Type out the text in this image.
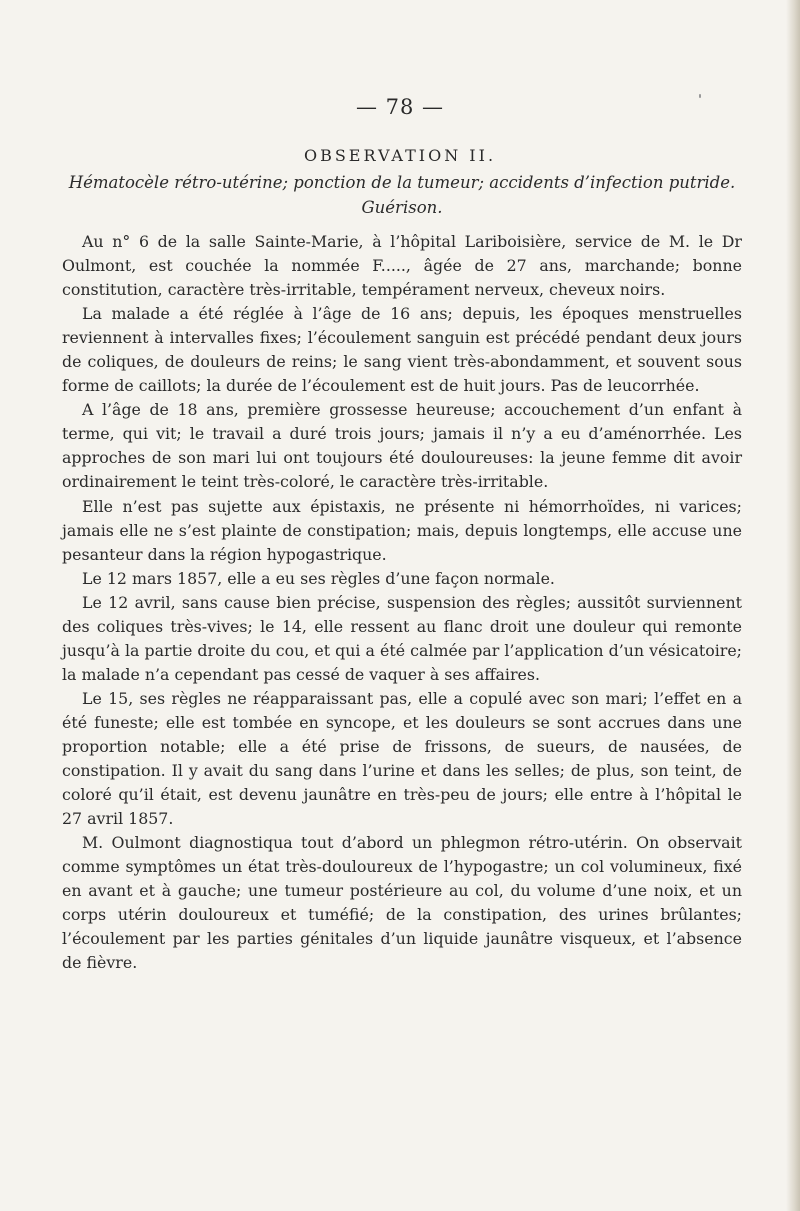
— 78 —
OBSERVATION II.
Hématocèle rétro-utérine; ponction de la tumeur; accidents d’infection putride. Guérison.

Au n° 6 de la salle Sainte-Marie, à l’hôpital Lariboisière, service de M. le Dr Oulmont, est couchée la nommée F....., âgée de 27 ans, marchande; bonne constitution, caractère très-irritable, tempérament nerveux, cheveux noirs.

La malade a été réglée à l’âge de 16 ans; depuis, les époques menstruelles reviennent à intervalles fixes; l’écoulement sanguin est précédé pendant deux jours de coliques, de douleurs de reins; le sang vient très-abondamment, et souvent sous forme de caillots; la durée de l’écoulement est de huit jours. Pas de leucorrhée.

A l’âge de 18 ans, première grossesse heureuse; accouchement d’un enfant à terme, qui vit; le travail a duré trois jours; jamais il n’y a eu d’aménorrhée. Les approches de son mari lui ont toujours été douloureuses: la jeune femme dit avoir ordinairement le teint très-coloré, le caractère très-irritable.

Elle n’est pas sujette aux épistaxis, ne présente ni hémorrhoïdes, ni varices; jamais elle ne s’est plainte de constipation; mais, depuis longtemps, elle accuse une pesanteur dans la région hypogastrique.

Le 12 mars 1857, elle a eu ses règles d’une façon normale.

Le 12 avril, sans cause bien précise, suspension des règles; aussitôt surviennent des coliques très-vives; le 14, elle ressent au flanc droit une douleur qui remonte jusqu’à la partie droite du cou, et qui a été calmée par l’application d’un vésicatoire; la malade n’a cependant pas cessé de vaquer à ses affaires.

Le 15, ses règles ne réapparaissant pas, elle a copulé avec son mari; l’effet en a été funeste; elle est tombée en syncope, et les douleurs se sont accrues dans une proportion notable; elle a été prise de frissons, de sueurs, de nausées, de constipation. Il y avait du sang dans l’urine et dans les selles; de plus, son teint, de coloré qu’il était, est devenu jaunâtre en très-peu de jours; elle entre à l’hôpital le 27 avril 1857.

M. Oulmont diagnostiqua tout d’abord un phlegmon rétro-utérin. On observait comme symptômes un état très-douloureux de l’hypogastre; un col volumineux, fixé en avant et à gauche; une tumeur postérieure au col, du volume d’une noix, et un corps utérin douloureux et tuméfié; de la constipation, des urines brûlantes; l’écoulement par les parties génitales d’un liquide jaunâtre visqueux, et l’absence de fièvre.
